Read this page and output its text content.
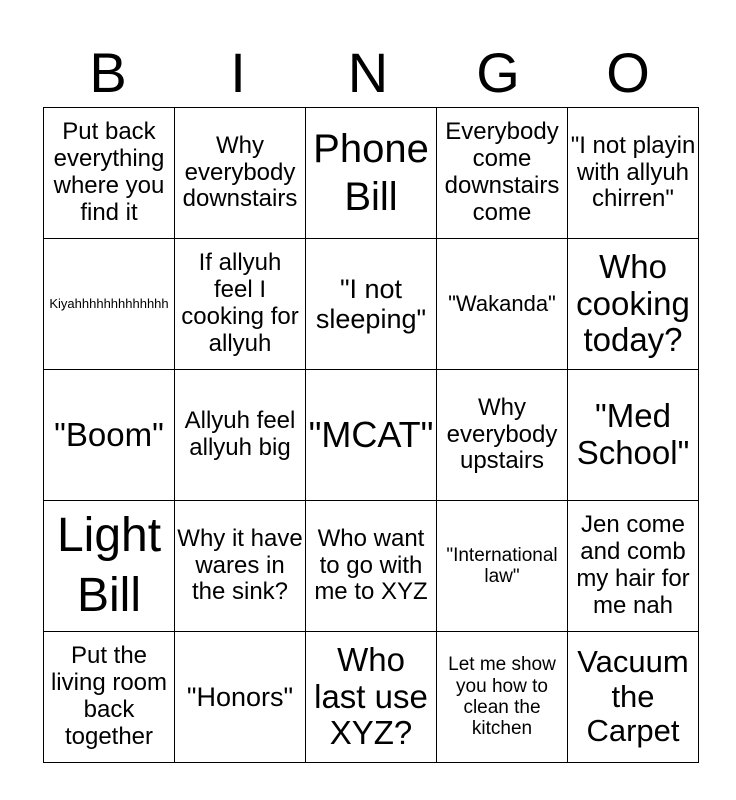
B	I	N	G	O
Put back everything where you find it	Why everybody downstairs	Phone Bill	Everybody come downstairs come	"I not playin with allyuh chirren"

Kiyahhhhhhhhhhhhh	If allyuh feel I cooking for allyuh	"I not sleeping"	"Wakanda"	Who cooking today?

"Boom"	Allyuh feel allyuh big	"MCAT"	Why everybody upstairs	"Med School"

Light Bill	Why it have wares in the sink?	Who want to go with me to XYZ	"International law"	Jen come and comb my hair for me nah

Put the living room back together	"Honors"	Who last use XYZ?	Let me show you how to clean the kitchen	Vacuum the Carpet
